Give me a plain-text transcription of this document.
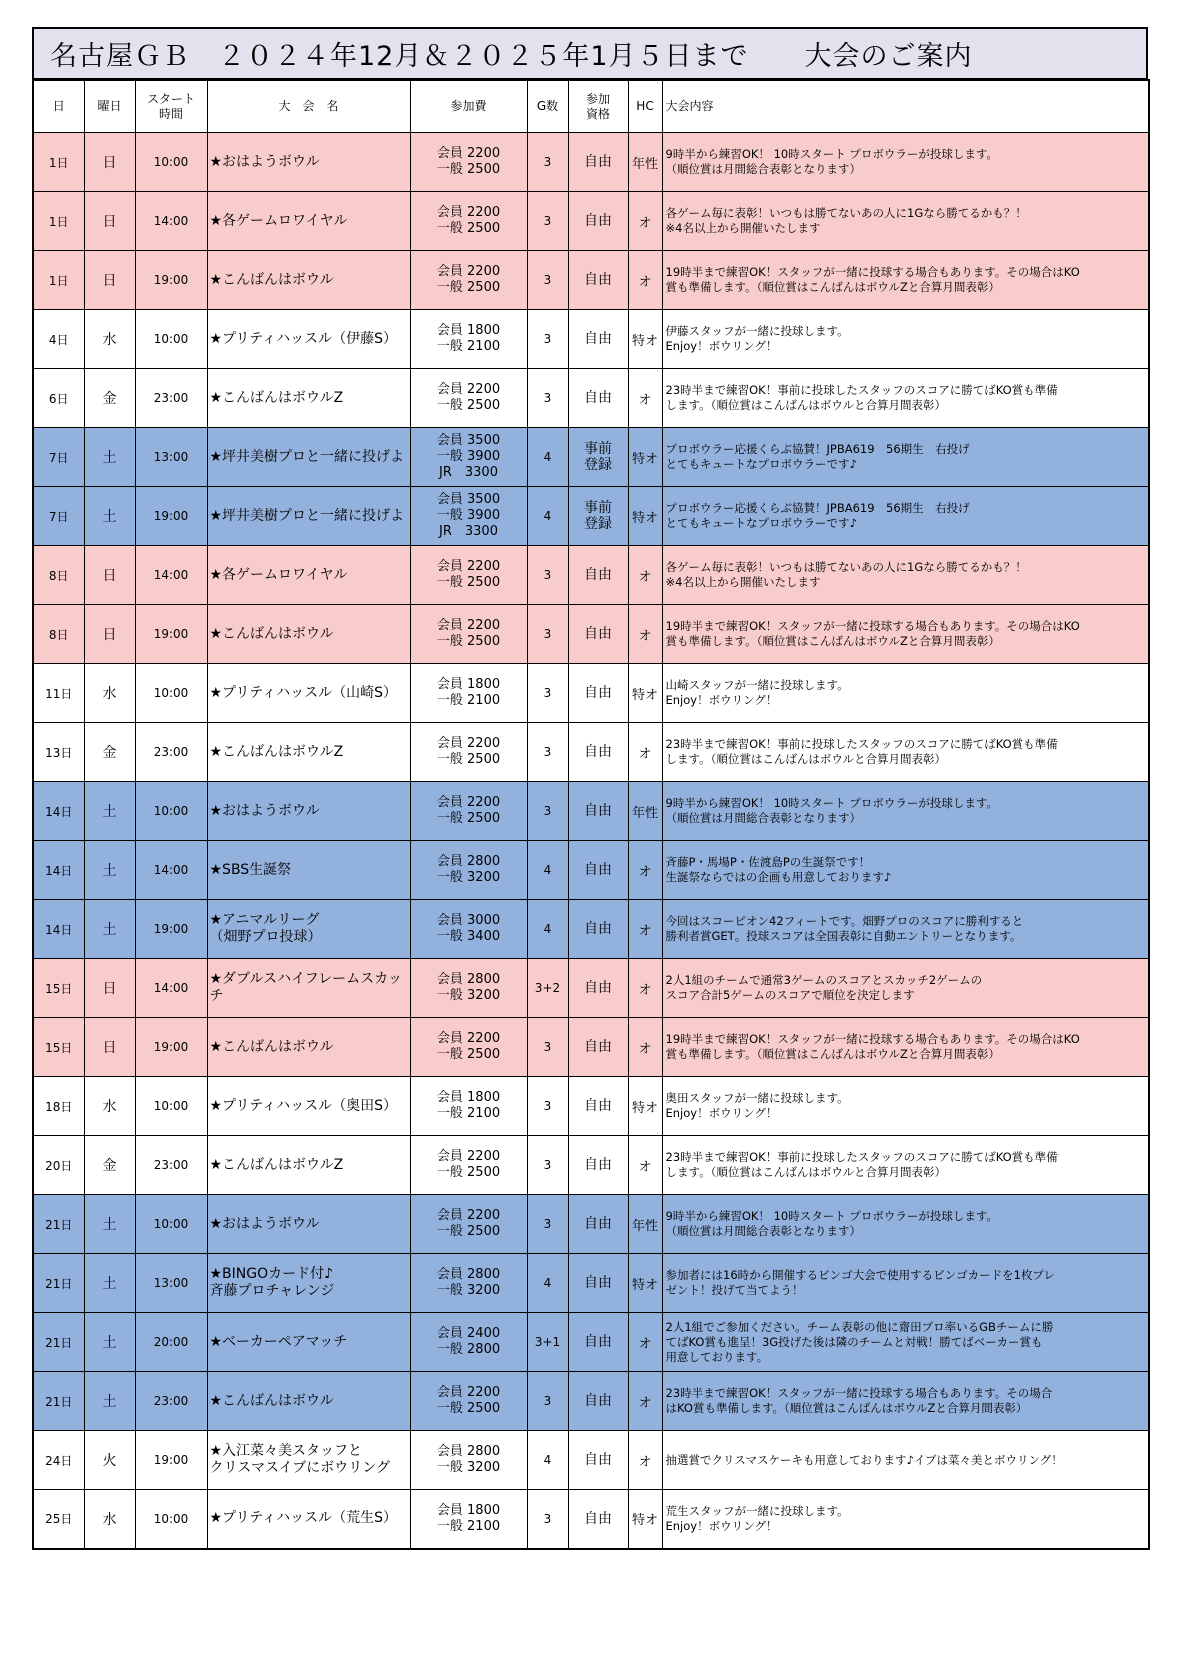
名古屋ＧＢ　２０２４年12月＆２０２５年1月５日まで　　大会のご案内
日	曜日	スタート
時間	大　会　名	参加費	G数	参加
資格	HC	大会内容
1日	日	10:00	★おはようボウル	会員 2200
一般 2500	3	自由	年性	9時半から練習OK！ 10時スタート プロボウラーが投球します。
（順位賞は月間総合表彰となります）
1日	日	14:00	★各ゲームロワイヤル	会員 2200
一般 2500	3	自由	オ	各ゲーム毎に表彰！いつもは勝てないあの人に1Gなら勝てるかも？！
※4名以上から開催いたします
1日	日	19:00	★こんばんはボウル	会員 2200
一般 2500	3	自由	オ	19時半まで練習OK！スタッフが一緒に投球する場合もあります。その場合はKO
賞も準備します。（順位賞はこんばんはボウルZと合算月間表彰）
4日	水	10:00	★プリティハッスル（伊藤S）	会員 1800
一般 2100	3	自由	特オ	伊藤スタッフが一緒に投球します。
Enjoy！ボウリング！
6日	金	23:00	★こんばんはボウルZ	会員 2200
一般 2500	3	自由	オ	23時半まで練習OK！事前に投球したスタッフのスコアに勝てばKO賞も準備
します。（順位賞はこんばんはボウルと合算月間表彰）
7日	土	13:00	★坪井美樹プロと一緒に投げよ	会員 3500
一般 3900
JR　3300	4	事前
登録	特オ	プロボウラー応援くらぶ協賛！JPBA619　56期生　右投げ
とてもキュートなプロボウラーです♪
7日	土	19:00	★坪井美樹プロと一緒に投げよ	会員 3500
一般 3900
JR　3300	4	事前
登録	特オ	プロボウラー応援くらぶ協賛！JPBA619　56期生　右投げ
とてもキュートなプロボウラーです♪
8日	日	14:00	★各ゲームロワイヤル	会員 2200
一般 2500	3	自由	オ	各ゲーム毎に表彰！いつもは勝てないあの人に1Gなら勝てるかも？！
※4名以上から開催いたします
8日	日	19:00	★こんばんはボウル	会員 2200
一般 2500	3	自由	オ	19時半まで練習OK！スタッフが一緒に投球する場合もあります。その場合はKO
賞も準備します。（順位賞はこんばんはボウルZと合算月間表彰）
11日	水	10:00	★プリティハッスル（山崎S）	会員 1800
一般 2100	3	自由	特オ	山崎スタッフが一緒に投球します。
Enjoy！ボウリング！
13日	金	23:00	★こんばんはボウルZ	会員 2200
一般 2500	3	自由	オ	23時半まで練習OK！事前に投球したスタッフのスコアに勝てばKO賞も準備
します。（順位賞はこんばんはボウルと合算月間表彰）
14日	土	10:00	★おはようボウル	会員 2200
一般 2500	3	自由	年性	9時半から練習OK！ 10時スタート プロボウラーが投球します。
（順位賞は月間総合表彰となります）
14日	土	14:00	★SBS生誕祭	会員 2800
一般 3200	4	自由	オ	斉藤P・馬場P・佐渡島Pの生誕祭です！
生誕祭ならではの企画も用意しております♪
14日	土	19:00	★アニマルリーグ
（畑野プロ投球）	会員 3000
一般 3400	4	自由	オ	今回はスコーピオン42フィートです。畑野プロのスコアに勝利すると
勝利者賞GET。投球スコアは全国表彰に自動エントリーとなります。
15日	日	14:00	★ダブルスハイフレームスカッチ	会員 2800
一般 3200	3+2	自由	オ	2人1組のチームで通常3ゲームのスコアとスカッチ2ゲームの
スコア合計5ゲームのスコアで順位を決定します
15日	日	19:00	★こんばんはボウル	会員 2200
一般 2500	3	自由	オ	19時半まで練習OK！スタッフが一緒に投球する場合もあります。その場合はKO
賞も準備します。（順位賞はこんばんはボウルZと合算月間表彰）
18日	水	10:00	★プリティハッスル（奥田S）	会員 1800
一般 2100	3	自由	特オ	奥田スタッフが一緒に投球します。
Enjoy！ボウリング！
20日	金	23:00	★こんばんはボウルZ	会員 2200
一般 2500	3	自由	オ	23時半まで練習OK！事前に投球したスタッフのスコアに勝てばKO賞も準備
します。（順位賞はこんばんはボウルと合算月間表彰）
21日	土	10:00	★おはようボウル	会員 2200
一般 2500	3	自由	年性	9時半から練習OK！ 10時スタート プロボウラーが投球します。
（順位賞は月間総合表彰となります）
21日	土	13:00	★BINGOカード付♪
斉藤プロチャレンジ	会員 2800
一般 3200	4	自由	特オ	参加者には16時から開催するビンゴ大会で使用するビンゴカードを1枚プレ
ゼント！投げて当てよう！
21日	土	20:00	★ベーカーペアマッチ	会員 2400
一般 2800	3+1	自由	オ	2人1組でご参加ください。チーム表彰の他に齋田プロ率いるGBチームに勝
てばKO賞も進呈！3G投げた後は隣のチームと対戦！勝てばベーカー賞も
用意しております。
21日	土	23:00	★こんばんはボウル	会員 2200
一般 2500	3	自由	オ	23時半まで練習OK！スタッフが一緒に投球する場合もあります。その場合
はKO賞も準備します。（順位賞はこんばんはボウルZと合算月間表彰）
24日	火	19:00	★入江菜々美スタッフと
クリスマスイブにボウリング	会員 2800
一般 3200	4	自由	オ	抽選賞でクリスマスケーキも用意しております♪イブは菜々美とボウリング！
25日	水	10:00	★プリティハッスル（荒生S）	会員 1800
一般 2100	3	自由	特オ	荒生スタッフが一緒に投球します。
Enjoy！ボウリング！
